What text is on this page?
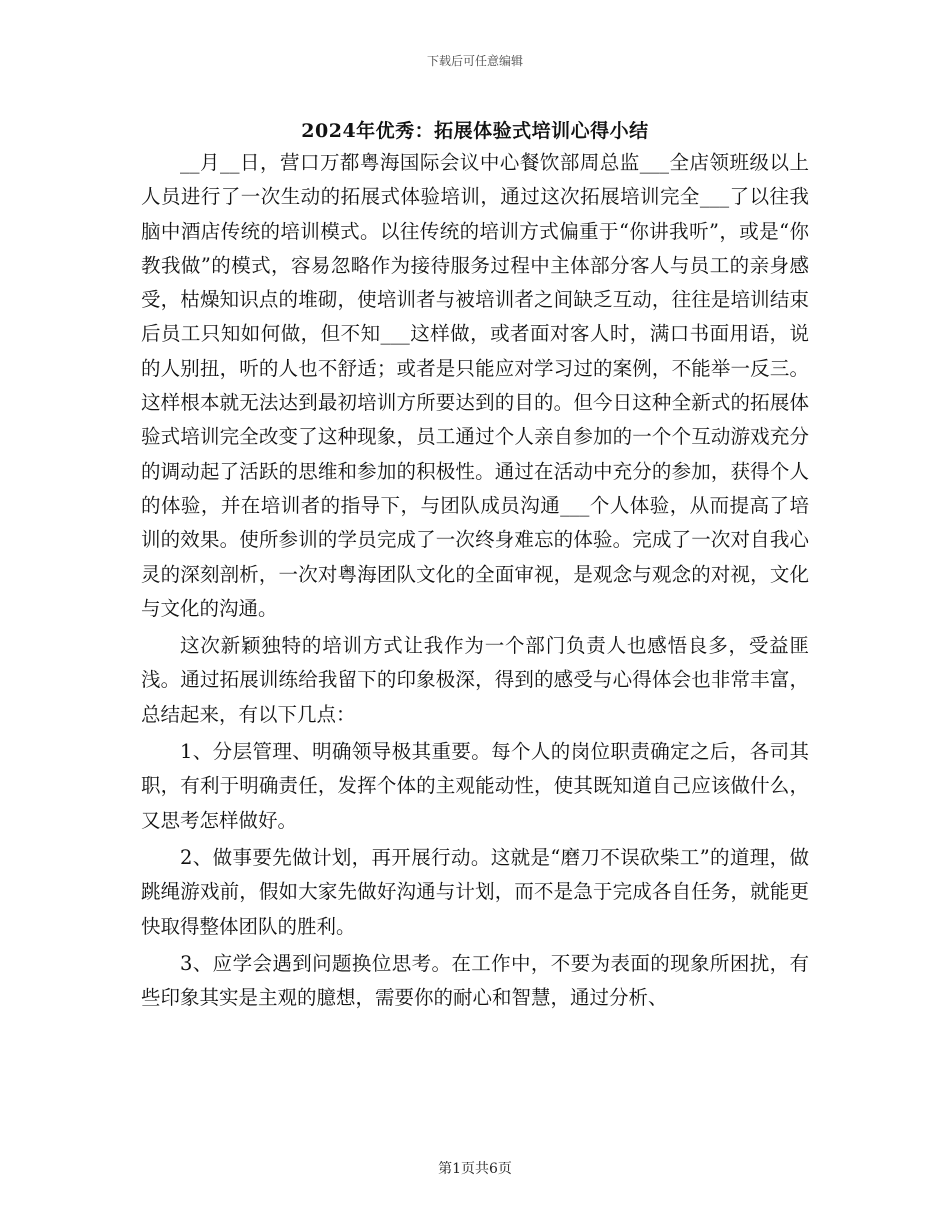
下载后可任意编辑
2024年优秀：拓展体验式培训心得小结

__月__日，营口万都粤海国际会议中心餐饮部周总监___全店领班级以上人员进行了一次生动的拓展式体验培训，通过这次拓展培训完全___了以往我脑中酒店传统的培训模式。以往传统的培训方式偏重于“你讲我听”，或是“你教我做”的模式，容易忽略作为接待服务过程中主体部分客人与员工的亲身感受，枯燥知识点的堆砌，使培训者与被培训者之间缺乏互动，往往是培训结束后员工只知如何做，但不知___这样做，或者面对客人时，满口书面用语，说的人别扭，听的人也不舒适；或者是只能应对学习过的案例，不能举一反三。这样根本就无法达到最初培训方所要达到的目的。但今日这种全新式的拓展体验式培训完全改变了这种现象，员工通过个人亲自参加的一个个互动游戏充分的调动起了活跃的思维和参加的积极性。通过在活动中充分的参加，获得个人的体验，并在培训者的指导下，与团队成员沟通___个人体验，从而提高了培训的效果。使所参训的学员完成了一次终身难忘的体验。完成了一次对自我心灵的深刻剖析，一次对粤海团队文化的全面审视，是观念与观念的对视，文化与文化的沟通。

这次新颖独特的培训方式让我作为一个部门负责人也感悟良多，受益匪浅。通过拓展训练给我留下的印象极深，得到的感受与心得体会也非常丰富，总结起来，有以下几点：

1、分层管理、明确领导极其重要。每个人的岗位职责确定之后，各司其职，有利于明确责任，发挥个体的主观能动性，使其既知道自己应该做什么，又思考怎样做好。

2、做事要先做计划，再开展行动。这就是“磨刀不误砍柴工”的道理，做跳绳游戏前，假如大家先做好沟通与计划，而不是急于完成各自任务，就能更快取得整体团队的胜利。

3、应学会遇到问题换位思考。在工作中，不要为表面的现象所困扰，有些印象其实是主观的臆想，需要你的耐心和智慧，通过分析、

第1页共6页
